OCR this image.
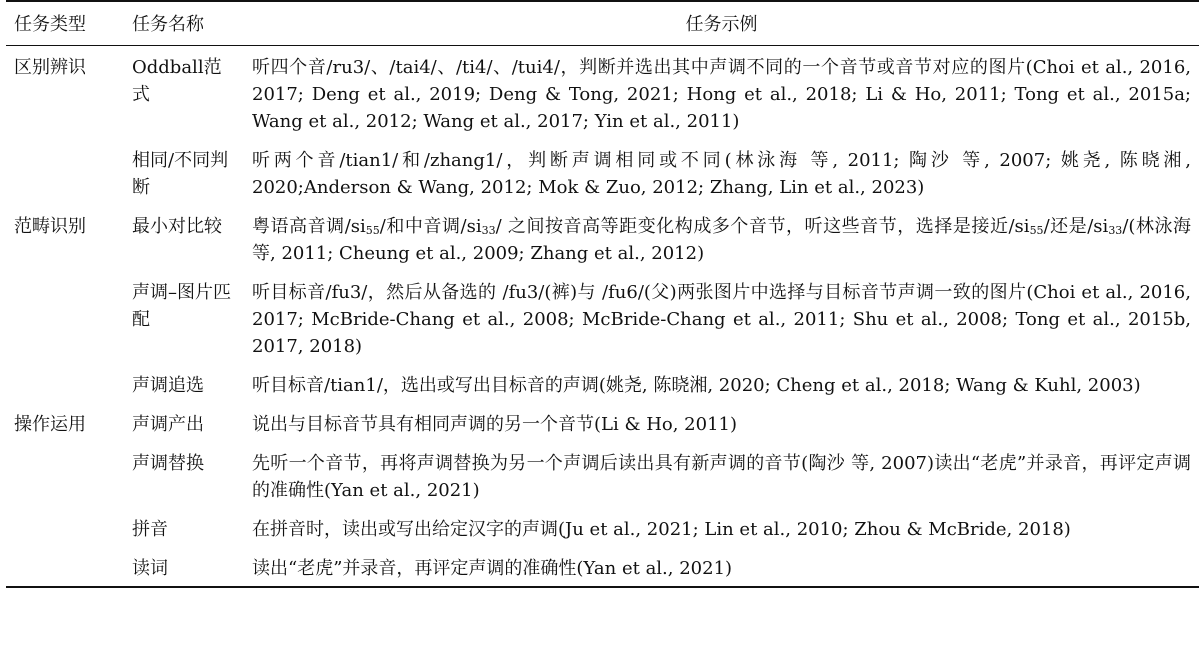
任务类型	任务名称	任务示例
区别辨识	Oddball范式	听四个音/ru3/、/tai4/、/ti4/、/tui4/，判断并选出其中声调不同的一个音节或音节对应的图片(Choi et al., 2016, 2017; Deng et al., 2019; Deng & Tong, 2021; Hong et al., 2018; Li & Ho, 2011; Tong et al., 2015a; Wang et al., 2012; Wang et al., 2017; Yin et al., 2011)
	相同/不同判断	听两个音/tian1/和/zhang1/，判断声调相同或不同(林泳海 等, 2011; 陶沙 等, 2007; 姚尧, 陈晓湘, 2020;Anderson & Wang, 2012; Mok & Zuo, 2012; Zhang, Lin et al., 2023)
范畴识别	最小对比较	粤语高音调$/si_{55}/$和中音调$/si_{33}/$ 之间按音高等距变化构成多个音节，听这些音节，选择是接近$/si_{55}/$还是$/si_{33}/$(林泳海 等, 2011; Cheung et al., 2009; Zhang et al., 2012)
	声调–图片匹配	听目标音/fu3/，然后从备选的 /fu3/(裤)与 /fu6/(父)两张图片中选择与目标音节声调一致的图片(Choi et al., 2016, 2017; McBride-Chang et al., 2008; McBride-Chang et al., 2011; Shu et al., 2008; Tong et al., 2015b, 2017, 2018)
	声调追选	听目标音/tian1/，选出或写出目标音的声调(姚尧, 陈晓湘, 2020; Cheng et al., 2018; Wang & Kuhl, 2003)
操作运用	声调产出	说出与目标音节具有相同声调的另一个音节(Li & Ho, 2011)
	声调替换	先听一个音节，再将声调替换为另一个声调后读出具有新声调的音节(陶沙 等, 2007)读出“老虎”并录音，再评定声调的准确性(Yan et al., 2021)
	拼音	在拼音时，读出或写出给定汉字的声调(Ju et al., 2021; Lin et al., 2010; Zhou & McBride, 2018)
	读词	读出“老虎”并录音，再评定声调的准确性(Yan et al., 2021)
